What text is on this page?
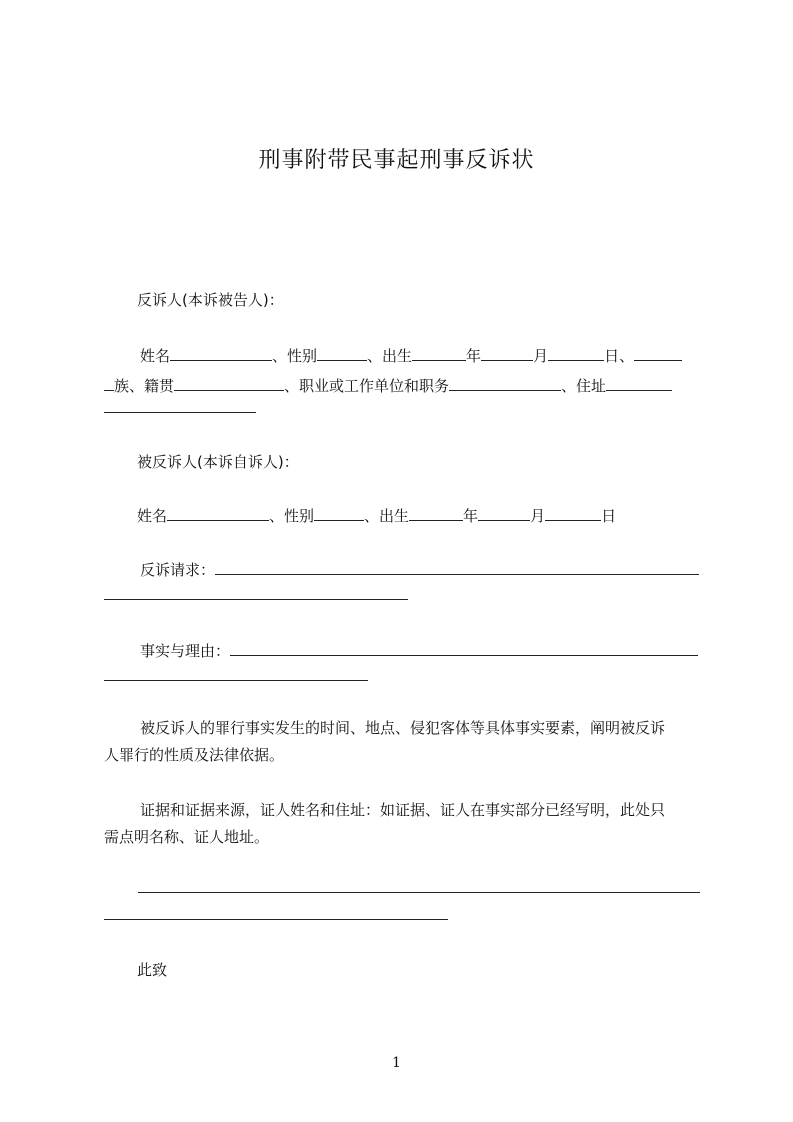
刑事附带民事起刑事反诉状
反诉人(本诉被告人)：
姓名	、性别	、出生	年	月	日、
族、籍贯	、职业或工作单位和职务	、住址
被反诉人(本诉自诉人)：
姓名	、性别	、出生	年	月	日
反诉请求：
事实与理由：
被反诉人的罪行事实发生的时间、地点、侵犯客体等具体事实要素，阐明被反诉
人罪行的性质及法律依据。
证据和证据来源，证人姓名和住址：如证据、证人在事实部分已经写明，此处只
需点明名称、证人地址。
此致
1
